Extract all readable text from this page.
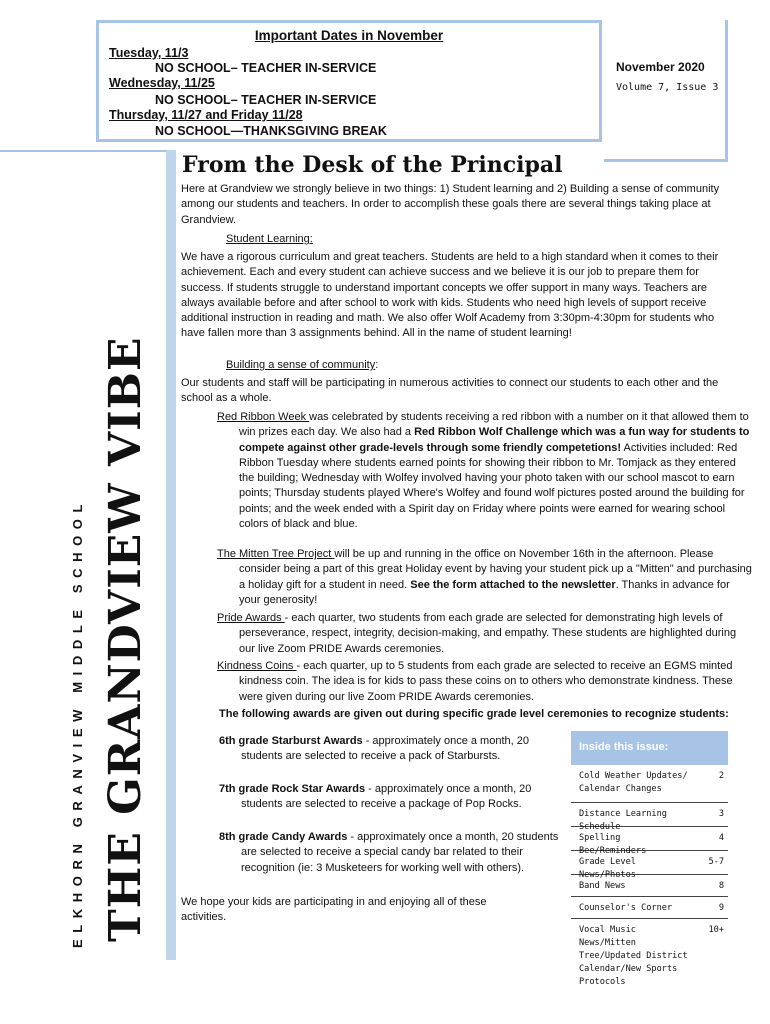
Important Dates in November
Tuesday, 11/3
NO SCHOOL– TEACHER IN-SERVICE
Wednesday, 11/25
NO SCHOOL– TEACHER IN-SERVICE
Thursday, 11/27 and Friday 11/28
NO SCHOOL—THANKSGIVING BREAK
November 2020
Volume 7, Issue 3
ELKHORN GRANVIEW MIDDLE SCHOOL THE GRANDVIEW VIBE
From the Desk of the Principal
Here at Grandview we strongly believe in two things: 1) Student learning and 2) Building a sense of community among our students and teachers. In order to accomplish these goals there are several things taking place at Grandview.
Student Learning:
We have a rigorous curriculum and great teachers. Students are held to a high standard when it comes to their achievement. Each and every student can achieve success and we believe it is our job to prepare them for success. If students struggle to understand important concepts we offer support in many ways. Teachers are always available before and after school to work with kids. Students who need high levels of support receive additional instruction in reading and math. We also offer Wolf Academy from 3:30pm-4:30pm for students who have fallen more than 3 assignments behind. All in the name of student learning!
Building a sense of community:
Our students and staff will be participating in numerous activities to connect our students to each other and the school as a whole.
Red Ribbon Week was celebrated by students receiving a red ribbon with a number on it that allowed them to win prizes each day. We also had a Red Ribbon Wolf Challenge which was a fun way for students to compete against other grade-levels through some friendly competetions! Activities included: Red Ribbon Tuesday where students earned points for showing their ribbon to Mr. Tomjack as they entered the building; Wednesday with Wolfey involved having your photo taken with our school mascot to earn points; Thursday students played Where's Wolfey and found wolf pictures posted around the building for points; and the week ended with a Spirit day on Friday where points were earned for wearing school colors of black and blue.
The Mitten Tree Project will be up and running in the office on November 16th in the afternoon. Please consider being a part of this great Holiday event by having your student pick up a "Mitten" and purchasing a holiday gift for a student in need. See the form attached to the newsletter. Thanks in advance for your generosity!
Pride Awards - each quarter, two students from each grade are selected for demonstrating high levels of perseverance, respect, integrity, decision-making, and empathy. These students are highlighted during our live Zoom PRIDE Awards ceremonies.
Kindness Coins - each quarter, up to 5 students from each grade are selected to receive an EGMS minted kindness coin. The idea is for kids to pass these coins on to others who demonstrate kindness. These were given during our live Zoom PRIDE Awards ceremonies.
The following awards are given out during specific grade level ceremonies to recognize students:
6th grade Starburst Awards - approximately once a month, 20 students are selected to receive a pack of Starbursts.
7th grade Rock Star Awards - approximately once a month, 20 students are selected to receive a package of Pop Rocks.
8th grade Candy Awards - approximately once a month, 20 students are selected to receive a special candy bar related to their recognition (ie: 3 Musketeers for working well with others).
We hope your kids are participating in and enjoying all of these activities.
Inside this issue:
Cold Weather Updates/ Calendar Changes
2
Distance Learning Schedule
3
Spelling Bee/Reminders
4
Grade Level News/Photos
5-7
Band News	8
Counselor's Corner	9
Vocal Music News/Mitten Tree/Updated District Calendar/New Sports Protocols
10+
